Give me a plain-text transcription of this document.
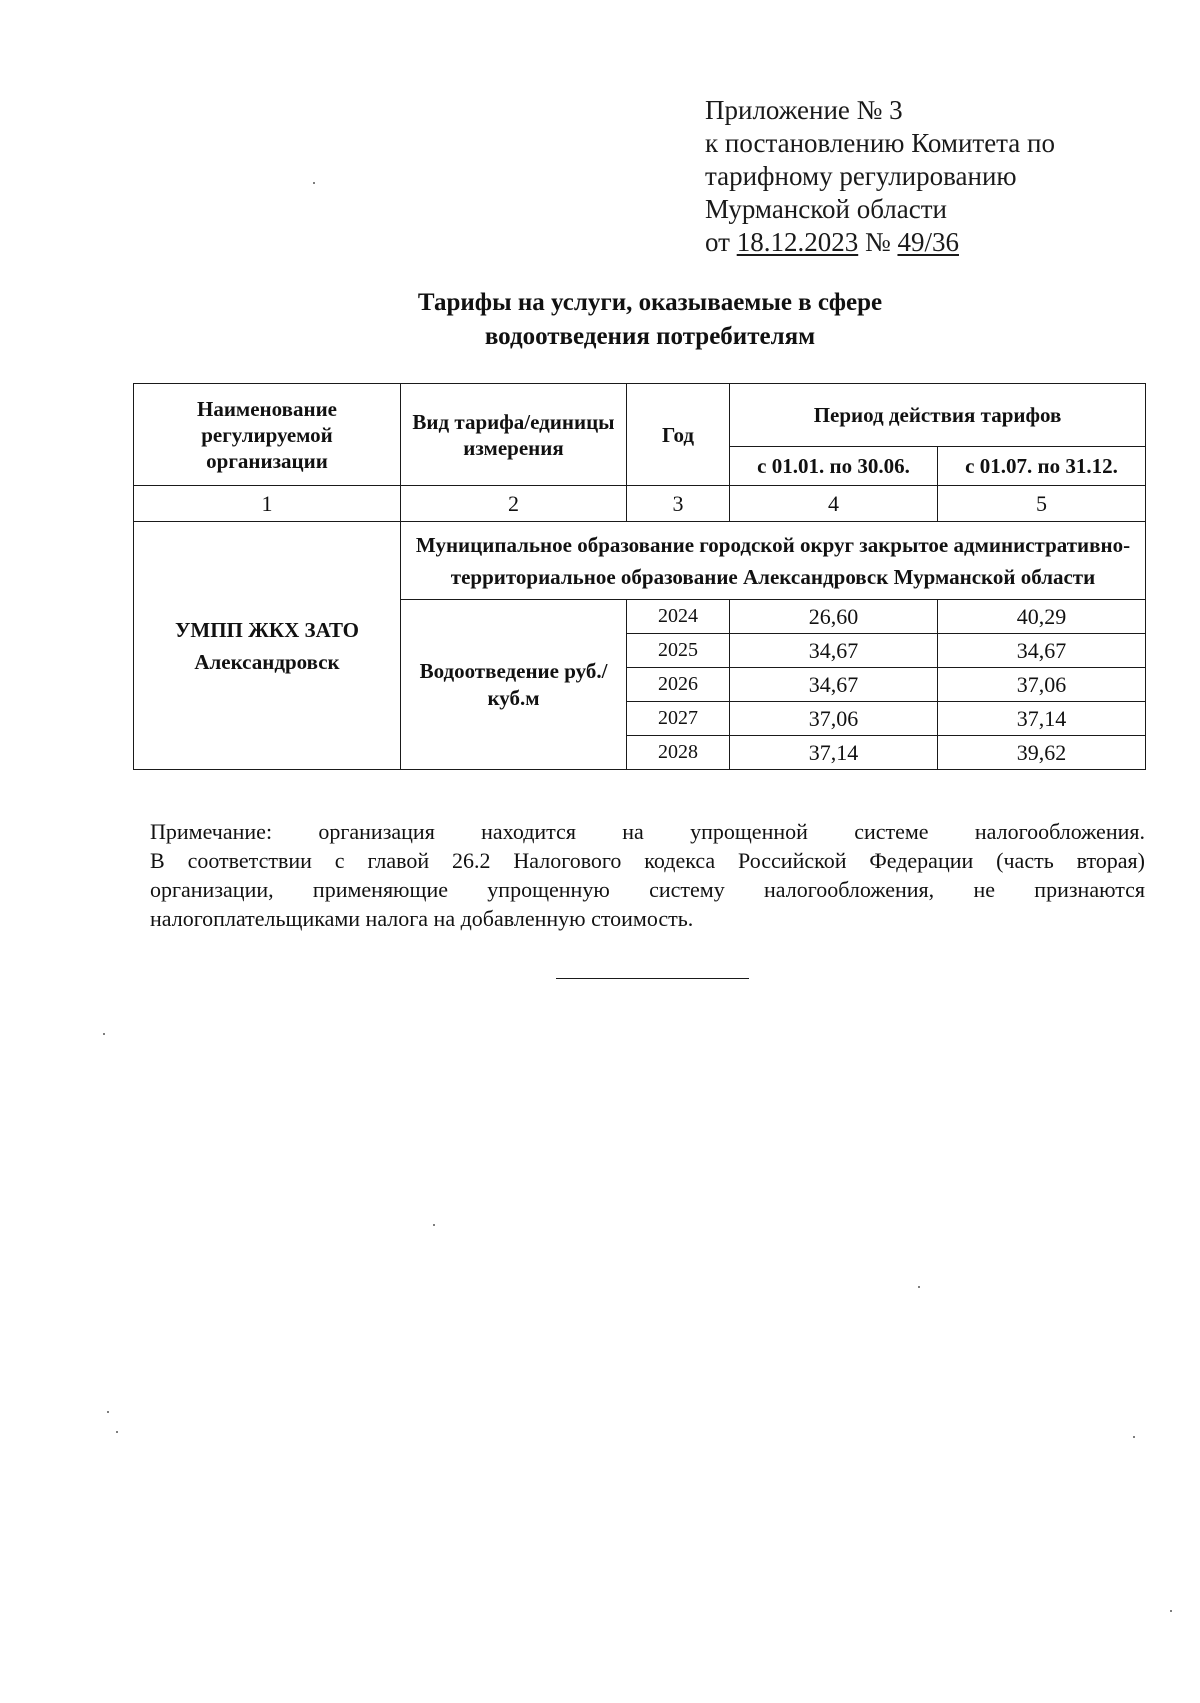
Приложение № 3
к постановлению Комитета по
тарифному регулированию
Мурманской области
от 18.12.2023 № 49/36
Тарифы на услуги, оказываемые в сфере
водоотведения потребителям
Наименование регулируемой организации	Вид тарифа/единицы измерения	Год	Период действия тарифов	
			с 01.01. по 30.06.	с 01.07. по 31.12.
1	2	3	4	5
УМПП ЖКХ ЗАТО Александровск	Муниципальное образование городской округ закрытое административно-территориальное образование Александровск Мурманской области			
	Водоотведение руб./куб.м	2024	26,60	40,29
		2025	34,67	34,67
		2026	34,67	37,06
		2027	37,06	37,14
		2028	37,14	39,62
Примечание: организация находится на упрощенной системе налогообложения.
В соответствии с главой 26.2 Налогового кодекса Российской Федерации (часть вторая)
организации, применяющие упрощенную систему налогообложения, не признаются
налогоплательщиками налога на добавленную стоимость.
